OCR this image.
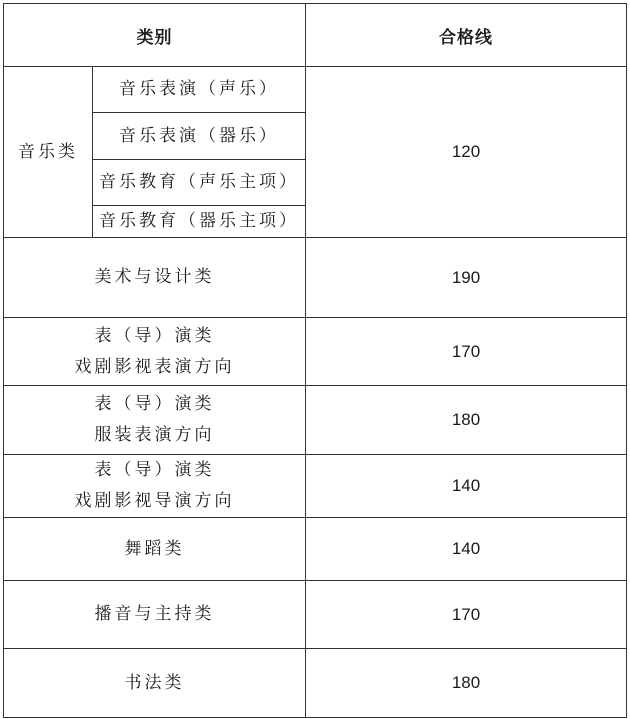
类别		合格线
音乐类	音乐表演（声乐）	120
	音乐表演（器乐）	
	音乐教育（声乐主项）	
	音乐教育（器乐主项）	

美术与设计类		190

表（导）演类
戏剧影视表演方向		170

表（导）演类
服装表演方向		180

表（导）演类
戏剧影视导演方向		140

舞蹈类		140

播音与主持类		170

书法类		180
